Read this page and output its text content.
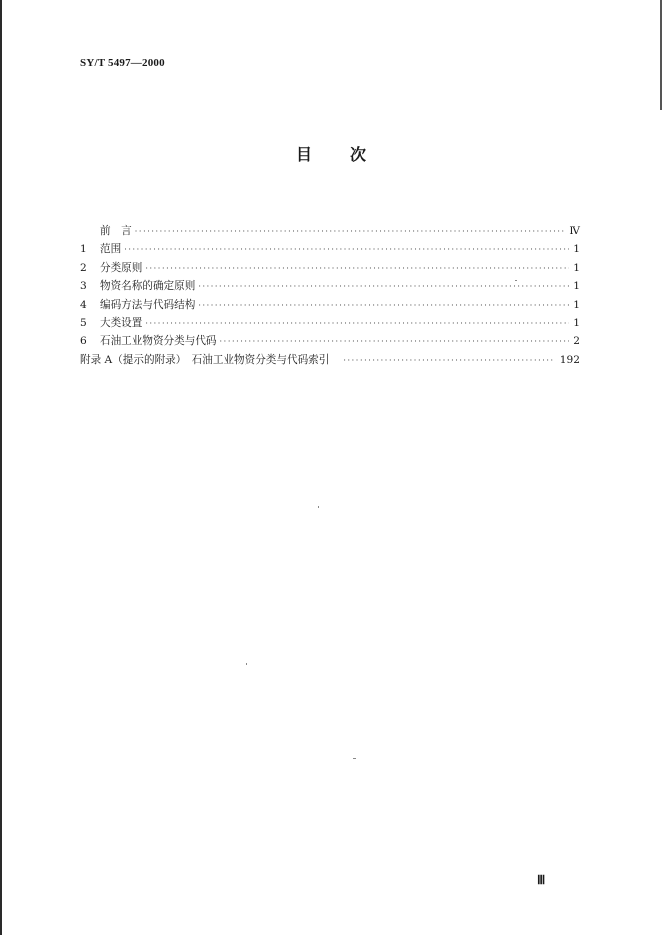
SY/T 5497—2000
目 次
前　言 ·····	Ⅳ
1	范围 ·····	1
2	分类原则 ·····	1
3	物资名称的确定原则 ·····	1
4	编码方法与代码结构 ·····	1
5	大类设置 ·····	1
6	石油工业物资分类与代码 ·····	2
附录 A（提示的附录）　石油工业物资分类与代码索引 ·····	192
Ⅲ
